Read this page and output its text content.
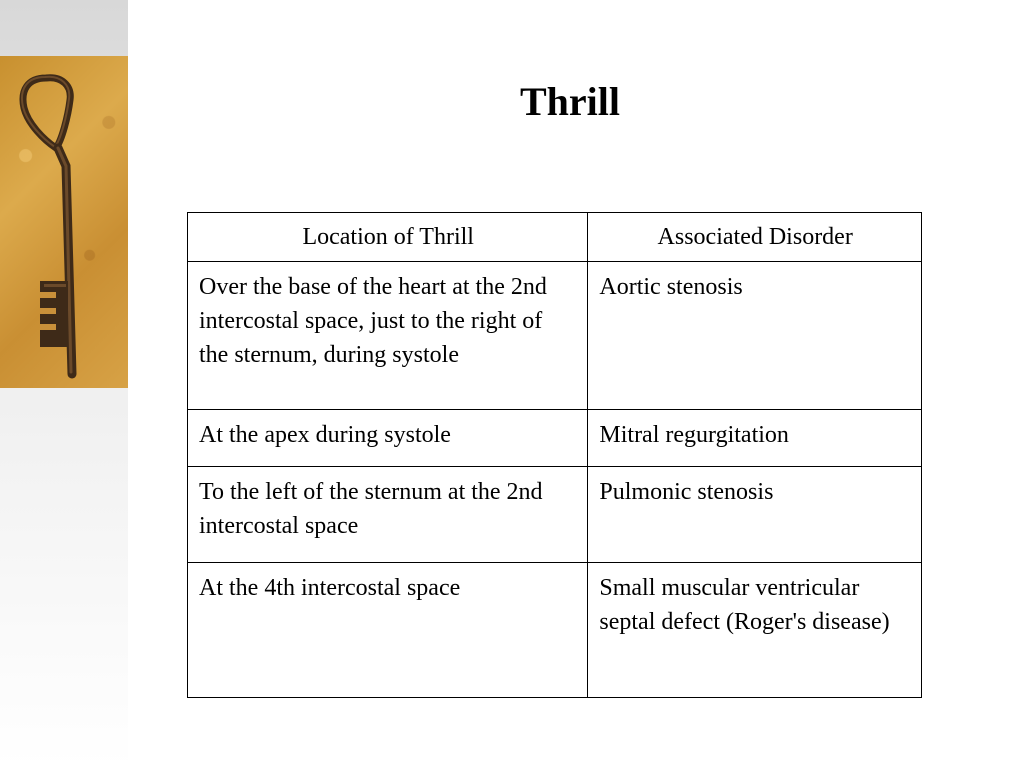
Thrill
Location of Thrill	Associated Disorder
Over the base of the heart at the 2nd intercostal space, just to the right of the sternum, during systole	Aortic stenosis
At the apex during systole	Mitral regurgitation
To the left of the sternum at the 2nd intercostal space	Pulmonic stenosis
At the 4th intercostal space	Small muscular ventricular septal defect (Roger's disease)
